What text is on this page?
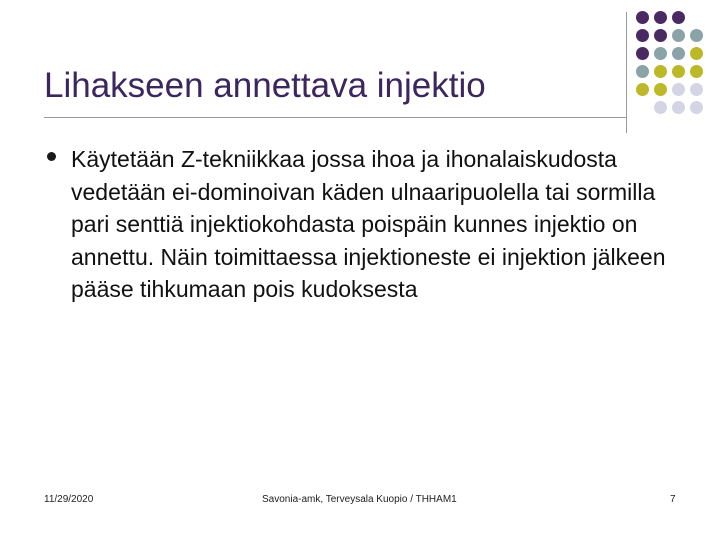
Lihakseen annettava injektio
Käytetään Z-tekniikkaa jossa ihoa ja ihonalaiskudosta vedetään ei-dominoivan käden ulnaaripuolella tai sormilla pari senttiä injektiokohdasta poispäin kunnes injektio on annettu. Näin toimittaessa injektioneste ei injektion jälkeen pääse tihkumaan pois kudoksesta
11/29/2020	Savonia-amk, Terveysala Kuopio / THHAM1	7
